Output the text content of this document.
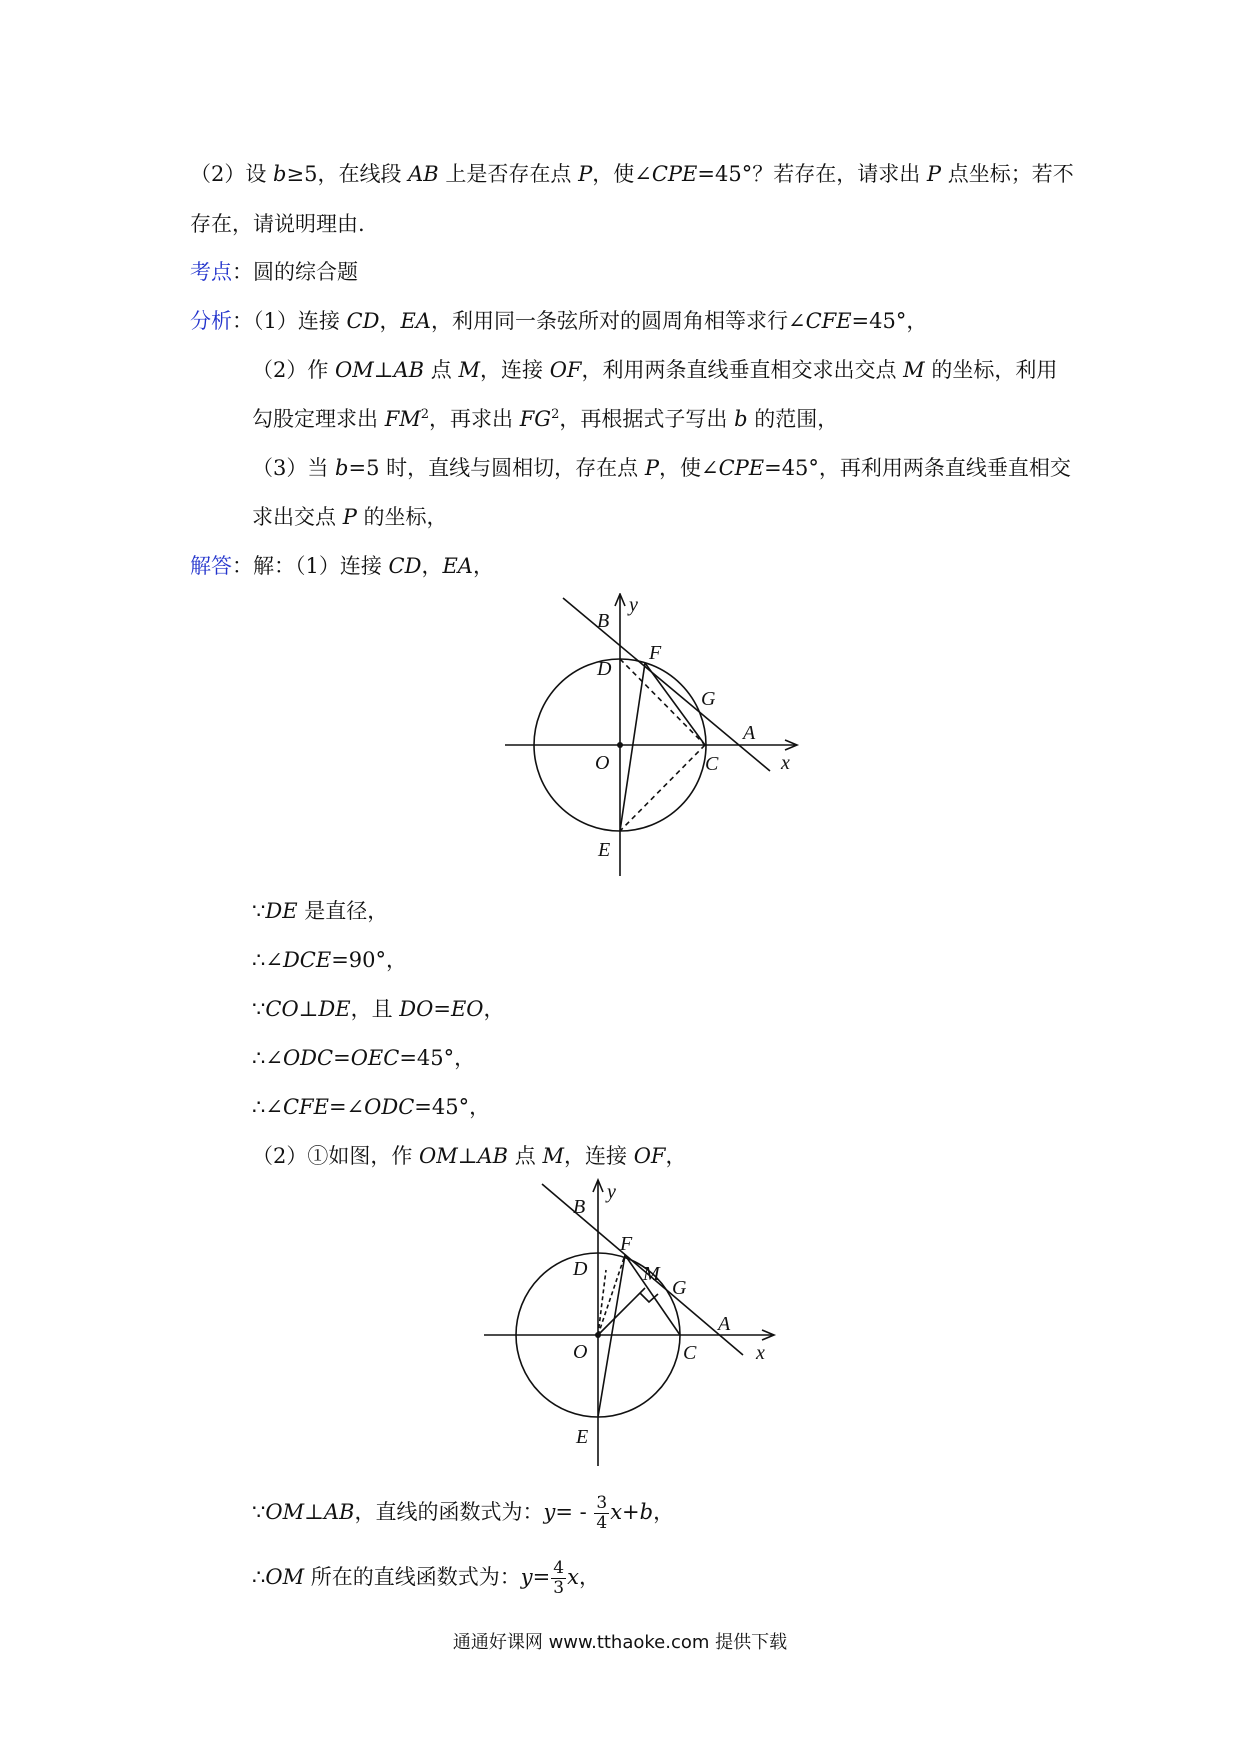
（2）设 b≥5，在线段 AB 上是否存在点 P，使∠CPE=45°？若存在，请求出 P 点坐标；若不
存在，请说明理由.
考点：圆的综合题
分析：（1）连接 CD，EA，利用同一条弦所对的圆周角相等求行∠CFE=45°，
（2）作 OM⊥AB 点 M，连接 OF，利用两条直线垂直相交求出交点 M 的坐标，利用
勾股定理求出 $FM^2$，再求出 $FG^2$，再根据式子写出 b 的范围，
（3）当 b=5 时，直线与圆相切，存在点 P，使∠CPE=45°，再利用两条直线垂直相交
求出交点 P 的坐标，
解答：解：（1）连接 CD，EA，
B
y
F
D
G
A
O	C	x
E
∵DE 是直径，
∴∠DCE=90°，
∵CO⊥DE，且 DO=EO，
∴∠ODC=OEC=45°，
∴∠CFE=∠ODC=45°，
（2）①如图，作 OM⊥AB 点 M，连接 OF，
B
y
F
D	M
G
A
O	C	x
E
∵OM⊥AB，直线的函数式为：$y= - \frac{3}{4} x+b$，
∴OM 所在的直线函数式为：$y= \frac{4}{3}$ x，
通通好课网 www.tthaoke.com 提供下载
